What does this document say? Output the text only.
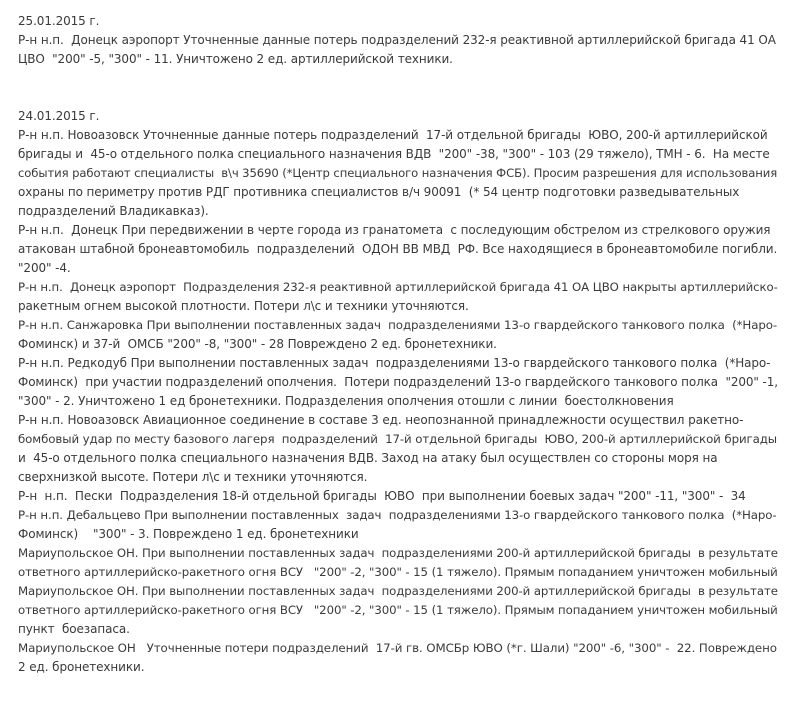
25.01.2015 г.

Р-н н.п.  Донецк аэропорт Уточненные данные потерь подразделений 232-я реактивной артиллерийской бригада 41 ОА
ЦВО  "200" -5, "300" - 11. Уничтожено 2 ед. артиллерийской техники.

24.01.2015 г.

Р-н н.п. Новоазовск Уточненные данные потерь подразделений  17-й отдельной бригады  ЮВО, 200-й артиллерийской
бригады и  45-о отдельного полка специального назначения ВДВ  "200" -38, "300" - 103 (29 тяжело), ТМН - 6.  На месте
события работают специалисты  в\ч 35690 (*Центр специального назначения ФСБ). Просим разрешения для использования
охраны по периметру против РДГ противника специалистов в/ч 90091  (* 54 центр подготовки разведывательных
подразделений Владикавказ).
Р-н н.п.  Донецк При передвижении в черте города из гранатомета  с последующим обстрелом из стрелкового оружия
атакован штабной бронеавтомобиль  подразделений  ОДОН ВВ МВД  РФ. Все находящиеся в бронеавтомобиле погибли.
"200" -4.
Р-н н.п.  Донецк аэропорт  Подразделения 232-я реактивной артиллерийской бригада 41 ОА ЦВО накрыты артиллерийско-
ракетным огнем высокой плотности. Потери л\с и техники уточняются.
Р-н н.п. Санжаровка При выполнении поставленных задач  подразделениями 13-о гвардейского танкового полка  (*Наро-
Фоминск) и 37-й  ОМСБ "200" -8, "300" - 28 Повреждено 2 ед. бронетехники.
Р-н н.п. Редкодуб При выполнении поставленных задач  подразделениями 13-о гвардейского танкового полка  (*Наро-
Фоминск)  при участии подразделений ополчения.  Потери подразделений 13-о гвардейского танкового полка  "200" -1,
"300" - 2. Уничтожено 1 ед бронетехники. Подразделения ополчения отошли с линии  боестолкновения
Р-н н.п. Новоазовск Авиационное соединение в составе 3 ед. неопознанной принадлежности осуществил ракетно-
бомбовый удар по месту базового лагеря  подразделений  17-й отдельной бригады  ЮВО, 200-й артиллерийской бригады
и  45-о отдельного полка специального назначения ВДВ. Заход на атаку был осуществлен со стороны моря на
сверхнизкой высоте. Потери л\с и техники уточняются.
Р-н  н.п.  Пески  Подразделения 18-й отдельной бригады  ЮВО  при выполнении боевых задач "200" -11, "300" -  34
Р-н н.п. Дебальцево При выполнении поставленных  задач  подразделениями 13-о гвардейского танкового полка  (*Наро-
Фоминск)    "300" - 3. Повреждено 1 ед. бронетехники
Мариупольское ОН. При выполнении поставленных задач  подразделениями 200-й артиллерийской бригады  в результате
ответного артиллерийско-ракетного огня ВСУ   "200" -2, "300" - 15 (1 тяжело). Прямым попаданием уничтожен мобильный
Мариупольское ОН. При выполнении поставленных задач  подразделениями 200-й артиллерийской бригады  в результате
ответного артиллерийско-ракетного огня ВСУ   "200" -2, "300" - 15 (1 тяжело). Прямым попаданием уничтожен мобильный
пункт  боезапаса.
Мариупольское ОН   Уточненные потери подразделений  17-й гв. ОМСБр ЮВО (*г. Шали) "200" -6, "300" -  22. Повреждено
2 ед. бронетехники.
